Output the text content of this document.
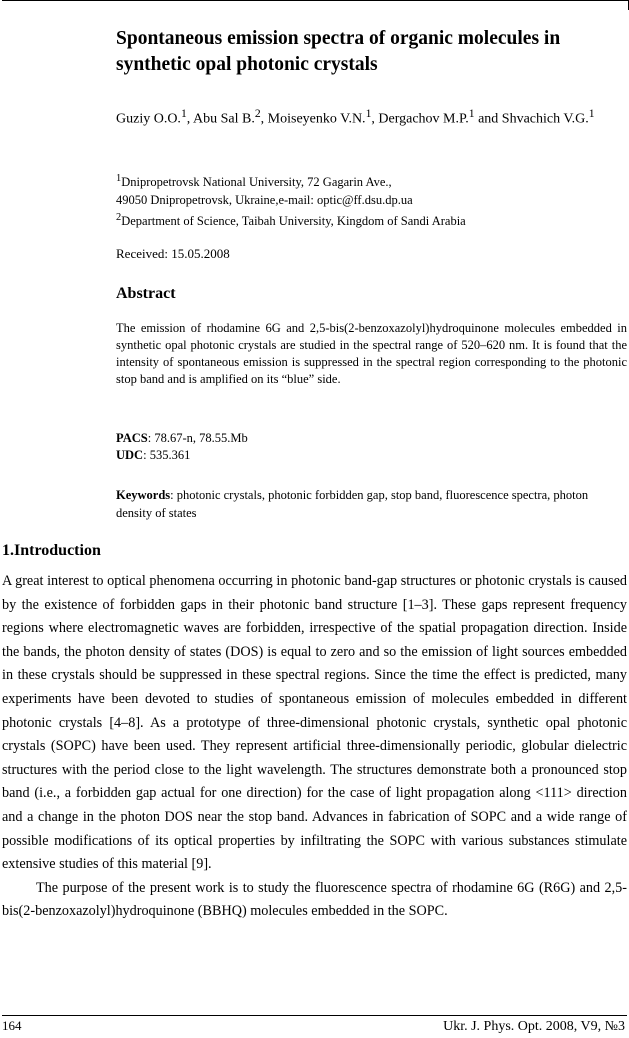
Spontaneous emission spectra of organic molecules in synthetic opal photonic crystals

Guziy O.O.$^1$, Abu Sal B.$^2$, Moiseyenko V.N.$^1$, Dergachov M.P.$^1$ and Shvachich V.G.$^1$

$^1$Dnipropetrovsk National University, 72 Gagarin Ave.,
49050 Dnipropetrovsk, Ukraine,e-mail: optic@ff.dsu.dp.ua
$^2$Department of Science, Taibah University, Kingdom of Sandi Arabia

Received: 15.05.2008

Abstract

The emission of rhodamine 6G and 2,5-bis(2-benzoxazolyl)hydroquinone molecules embedded in synthetic opal photonic crystals are studied in the spectral range of 520–620 nm. It is found that the intensity of spontaneous emission is suppressed in the spectral region corresponding to the photonic stop band and is amplified on its “blue” side.

PACS: 78.67-n, 78.55.Mb
UDC: 535.361

Keywords: photonic crystals, photonic forbidden gap, stop band, fluorescence spectra, photon density of states

1.Introduction
A great interest to optical phenomena occurring in photonic band-gap structures or photonic crystals is caused by the existence of forbidden gaps in their photonic band structure [1–3]. These gaps represent frequency regions where electromagnetic waves are forbidden, irrespective of the spatial propagation direction. Inside the bands, the photon density of states (DOS) is equal to zero and so the emission of light sources embedded in these crystals should be suppressed in these spectral regions. Since the time the effect is predicted, many experiments have been devoted to studies of spontaneous emission of molecules embedded in different photonic crystals [4–8]. As a prototype of three-dimensional photonic crystals, synthetic opal photonic crystals (SOPC) have been used. They represent artificial three-dimensionally periodic, globular dielectric structures with the period close to the light wavelength. The structures demonstrate both a pronounced stop band (i.e., a forbidden gap actual for one direction) for the case of light propagation along <111> direction and a change in the photon DOS near the stop band. Advances in fabrication of SOPC and a wide range of possible modifications of its optical properties by infiltrating the SOPC with various substances stimulate extensive studies of this material [9].
The purpose of the present work is to study the fluorescence spectra of rhodamine 6G (R6G) and 2,5-bis(2-benzoxazolyl)hydroquinone (BBHQ) molecules embedded in the SOPC.
164	Ukr. J. Phys. Opt. 2008, V9, №3
